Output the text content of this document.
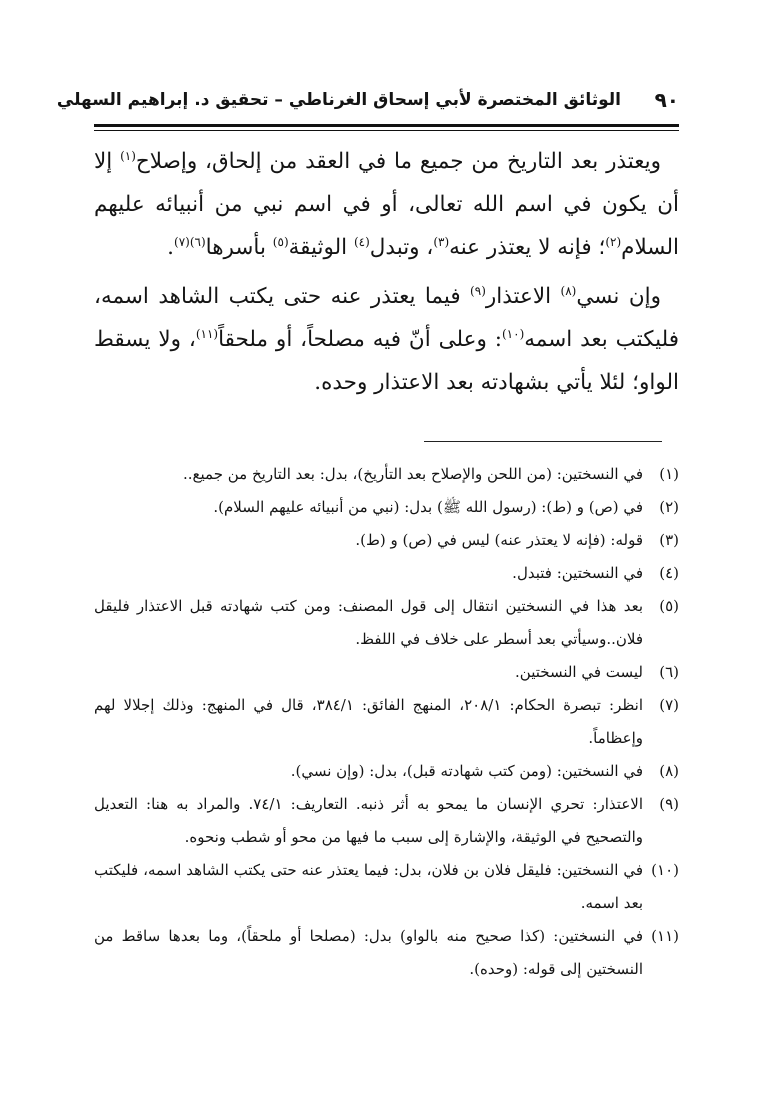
٩٠
الوثائق المختصرة لأبي إسحاق الغرناطي – تحقيق د. إبراهيم السهلي

ويعتذر بعد التاريخ من جميع ما في العقد من إلحاق، وإصلاح$^{(١)}$ إلا أن يكون في اسم الله تعالى، أو في اسم نبي من أنبيائه عليهم السلام$^{(٢)}$؛ فإنه لا يعتذر عنه$^{(٣)}$، وتبدل$^{(٤)}$ الوثيقة$^{(٥)}$ بأسرها$^{(٦)(٧)}$.

وإن نسي$^{(٨)}$ الاعتذار$^{(٩)}$ فيما يعتذر عنه حتى يكتب الشاهد اسمه، فليكتب بعد اسمه$^{(١٠)}$: وعلى أنّ فيه مصلحاً، أو ملحقاً$^{(١١)}$، ولا يسقط الواو؛ لئلا يأتي بشهادته بعد الاعتذار وحده.

(١)
في النسختين: (من اللحن والإصلاح بعد التأريخ)، بدل: بعد التاريخ من جميع..
(٢)
في (ص) و (ط): (رسول الله ﷺ) بدل: (نبي من أنبيائه عليهم السلام).
(٣)
قوله: (فإنه لا يعتذر عنه) ليس في (ص) و (ط).
(٤)
في النسختين: فتبدل.
(٥)
بعد هذا في النسختين انتقال إلى قول المصنف: ومن كتب شهادته قبل الاعتذار فليقل فلان..وسيأتي بعد أسطر على خلاف في اللفظ.
(٦)
ليست في النسختين.
(٧)
انظر: تبصرة الحكام: ٢٠٨/١، المنهج الفائق: ٣٨٤/١، قال في المنهج: وذلك إجلالا لهم وإعظاماً.
(٨)
في النسختين: (ومن كتب شهادته قبل)، بدل: (وإن نسي).
(٩)
الاعتذار: تحري الإنسان ما يمحو به أثر ذنبه. التعاريف: ٧٤/١. والمراد به هنا: التعديل والتصحيح في الوثيقة، والإشارة إلى سبب ما فيها من محو أو شطب ونحوه.
(١٠)
في النسختين: فليقل فلان بن فلان، بدل: فيما يعتذر عنه حتى يكتب الشاهد اسمه، فليكتب بعد اسمه.
(١١)
في النسختين: (كذا صحيح منه بالواو) بدل: (مصلحا أو ملحقاً)، وما بعدها ساقط من النسختين إلى قوله: (وحده).
